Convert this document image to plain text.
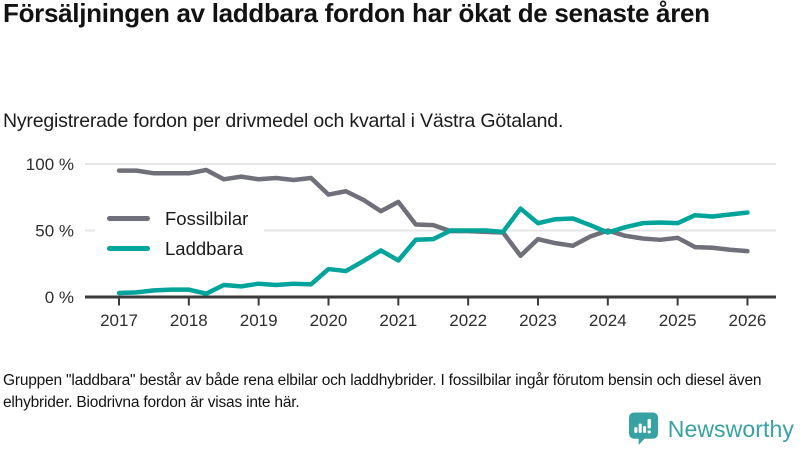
Försäljningen av laddbara fordon har ökat de senaste åren

Nyregistrerade fordon per drivmedel och kvartal i Västra Götaland.

2017 2018 2019 2020 2021 2022 2023 2024 2025 2026
100 %
50 %
0 %
Fossilbilar
Laddbara

Gruppen "laddbara" består av både rena elbilar och laddhybrider. I fossilbilar ingår förutom bensin och diesel även elhybrider. Biodrivna fordon är visas inte här.

Newsworthy
